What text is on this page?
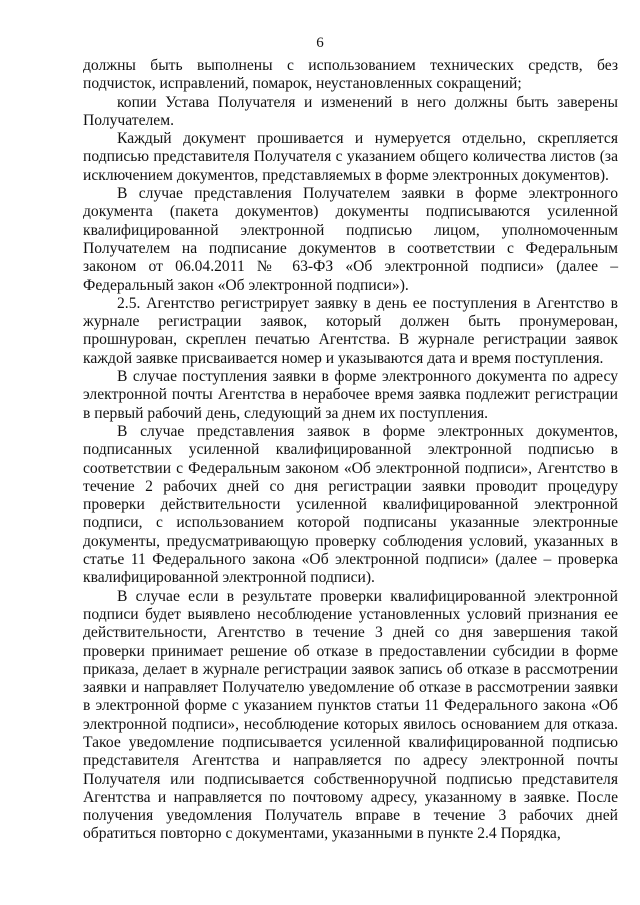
6

должны быть выполнены с использованием технических средств, без подчисток, исправлений, помарок, неустановленных сокращений;

копии Устава Получателя и изменений в него должны быть заверены Получателем.

Каждый документ прошивается и нумеруется отдельно, скрепляется подписью представителя Получателя с указанием общего количества листов (за исключением документов, представляемых в форме электронных документов).

В случае представления Получателем заявки в форме электронного документа (пакета документов) документы подписываются усиленной квалифицированной электронной подписью лицом, уполномоченным Получателем на подписание документов в соответствии с Федеральным законом от 06.04.2011 № 63-ФЗ «Об электронной подписи» (далее – Федеральный закон «Об электронной подписи»).

2.5. Агентство регистрирует заявку в день ее поступления в Агентство в журнале регистрации заявок, который должен быть пронумерован, прошнурован, скреплен печатью Агентства. В журнале регистрации заявок каждой заявке присваивается номер и указываются дата и время поступления.

В случае поступления заявки в форме электронного документа по адресу электронной почты Агентства в нерабочее время заявка подлежит регистрации в первый рабочий день, следующий за днем их поступления.

В случае представления заявок в форме электронных документов, подписанных усиленной квалифицированной электронной подписью в соответствии с Федеральным законом «Об электронной подписи», Агентство в течение 2 рабочих дней со дня регистрации заявки проводит процедуру проверки действительности усиленной квалифицированной электронной подписи, с использованием которой подписаны указанные электронные документы, предусматривающую проверку соблюдения условий, указанных в статье 11 Федерального закона «Об электронной подписи» (далее – проверка квалифицированной электронной подписи).

В случае если в результате проверки квалифицированной электронной подписи будет выявлено несоблюдение установленных условий признания ее действительности, Агентство в течение 3 дней со дня завершения такой проверки принимает решение об отказе в предоставлении субсидии в форме приказа, делает в журнале регистрации заявок запись об отказе в рассмотрении заявки и направляет Получателю уведомление об отказе в рассмотрении заявки в электронной форме с указанием пунктов статьи 11 Федерального закона «Об электронной подписи», несоблюдение которых явилось основанием для отказа. Такое уведомление подписывается усиленной квалифицированной подписью представителя Агентства и направляется по адресу электронной почты Получателя или подписывается собственноручной подписью представителя Агентства и направляется по почтовому адресу, указанному в заявке. После получения уведомления Получатель вправе в течение 3 рабочих дней обратиться повторно с документами, указанными в пункте 2.4 Порядка,
